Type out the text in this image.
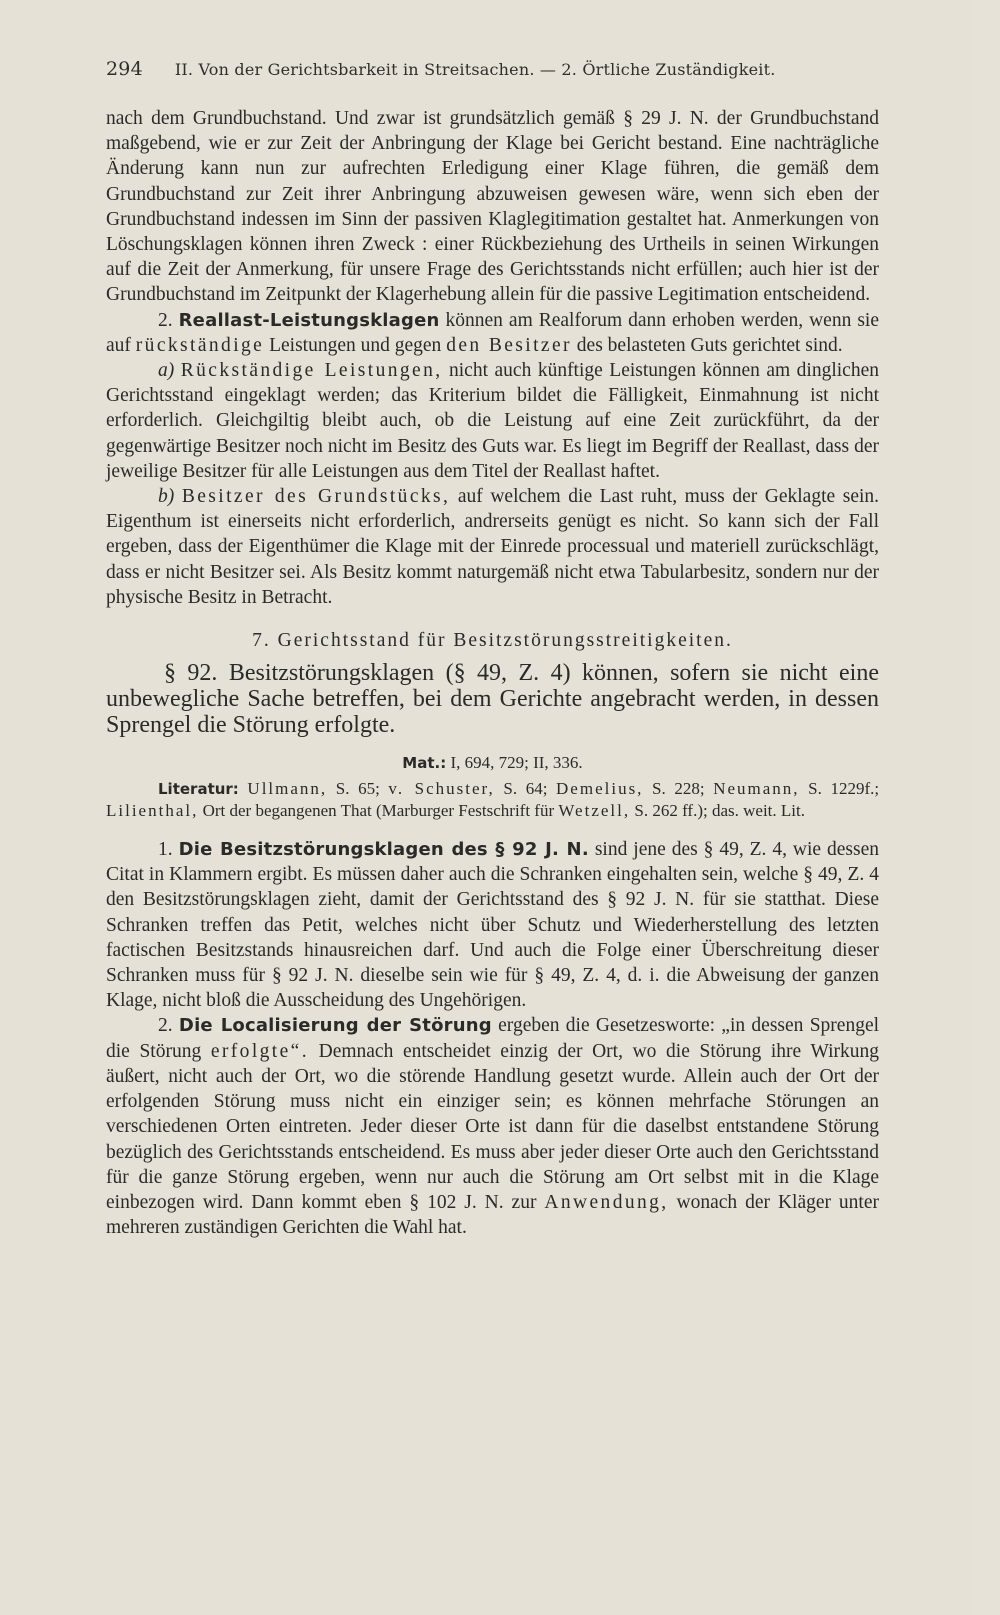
294 II. Von der Gerichtsbarkeit in Streitsachen. — 2. Örtliche Zuständigkeit.

nach dem Grundbuchstand. Und zwar ist grundsätzlich gemäß § 29 J. N. der Grundbuchstand maßgebend, wie er zur Zeit der Anbringung der Klage bei Gericht bestand. Eine nachträgliche Änderung kann nun zur aufrechten Erledigung einer Klage führen, die gemäß dem Grundbuchstand zur Zeit ihrer Anbringung abzuweisen gewesen wäre, wenn sich eben der Grundbuchstand indessen im Sinn der passiven Klaglegitimation gestaltet hat. Anmerkungen von Löschungsklagen können ihren Zweck : einer Rückbeziehung des Urtheils in seinen Wirkungen auf die Zeit der Anmerkung, für unsere Frage des Gerichtsstands nicht erfüllen; auch hier ist der Grundbuchstand im Zeitpunkt der Klagerhebung allein für die passive Legitimation entscheidend.

2. Reallast-Leistungsklagen können am Realforum dann erhoben werden, wenn sie auf rückständige Leistungen und gegen den Besitzer des belasteten Guts gerichtet sind.

a) Rückständige Leistungen, nicht auch künftige Leistungen können am dinglichen Gerichtsstand eingeklagt werden; das Kriterium bildet die Fälligkeit, Einmahnung ist nicht erforderlich. Gleichgiltig bleibt auch, ob die Leistung auf eine Zeit zurückführt, da der gegenwärtige Besitzer noch nicht im Besitz des Guts war. Es liegt im Begriff der Reallast, dass der jeweilige Besitzer für alle Leistungen aus dem Titel der Reallast haftet.

b) Besitzer des Grundstücks, auf welchem die Last ruht, muss der Geklagte sein. Eigenthum ist einerseits nicht erforderlich, andrerseits genügt es nicht. So kann sich der Fall ergeben, dass der Eigenthümer die Klage mit der Einrede processual und materiell zurückschlägt, dass er nicht Besitzer sei. Als Besitz kommt naturgemäß nicht etwa Tabularbesitz, sondern nur der physische Besitz in Betracht.

7. Gerichtsstand für Besitzstörungsstreitigkeiten.

§ 92. Besitzstörungsklagen (§ 49, Z. 4) können, sofern sie nicht eine unbewegliche Sache betreffen, bei dem Gerichte angebracht werden, in dessen Sprengel die Störung erfolgte.

Mat.: I, 694, 729; II, 336.

Literatur: Ullmann, S. 65; v. Schuster, S. 64; Demelius, S. 228; Neumann, S. 1229f.; Lilienthal, Ort der begangenen That (Marburger Festschrift für Wetzell, S. 262 ff.); das. weit. Lit.

1. Die Besitzstörungsklagen des § 92 J. N. sind jene des § 49, Z. 4, wie dessen Citat in Klammern ergibt. Es müssen daher auch die Schranken eingehalten sein, welche § 49, Z. 4 den Besitzstörungsklagen zieht, damit der Gerichtsstand des § 92 J. N. für sie statthat. Diese Schranken treffen das Petit, welches nicht über Schutz und Wiederherstellung des letzten factischen Besitzstands hinausreichen darf. Und auch die Folge einer Überschreitung dieser Schranken muss für § 92 J. N. dieselbe sein wie für § 49, Z. 4, d. i. die Abweisung der ganzen Klage, nicht bloß die Ausscheidung des Ungehörigen.

2. Die Localisierung der Störung ergeben die Gesetzesworte: „in dessen Sprengel die Störung erfolgte“. Demnach entscheidet einzig der Ort, wo die Störung ihre Wirkung äußert, nicht auch der Ort, wo die störende Handlung gesetzt wurde. Allein auch der Ort der erfolgenden Störung muss nicht ein einziger sein; es können mehrfache Störungen an verschiedenen Orten eintreten. Jeder dieser Orte ist dann für die daselbst entstandene Störung bezüglich des Gerichtsstands entscheidend. Es muss aber jeder dieser Orte auch den Gerichtsstand für die ganze Störung ergeben, wenn nur auch die Störung am Ort selbst mit in die Klage einbezogen wird. Dann kommt eben § 102 J. N. zur Anwendung, wonach der Kläger unter mehreren zuständigen Gerichten die Wahl hat.
